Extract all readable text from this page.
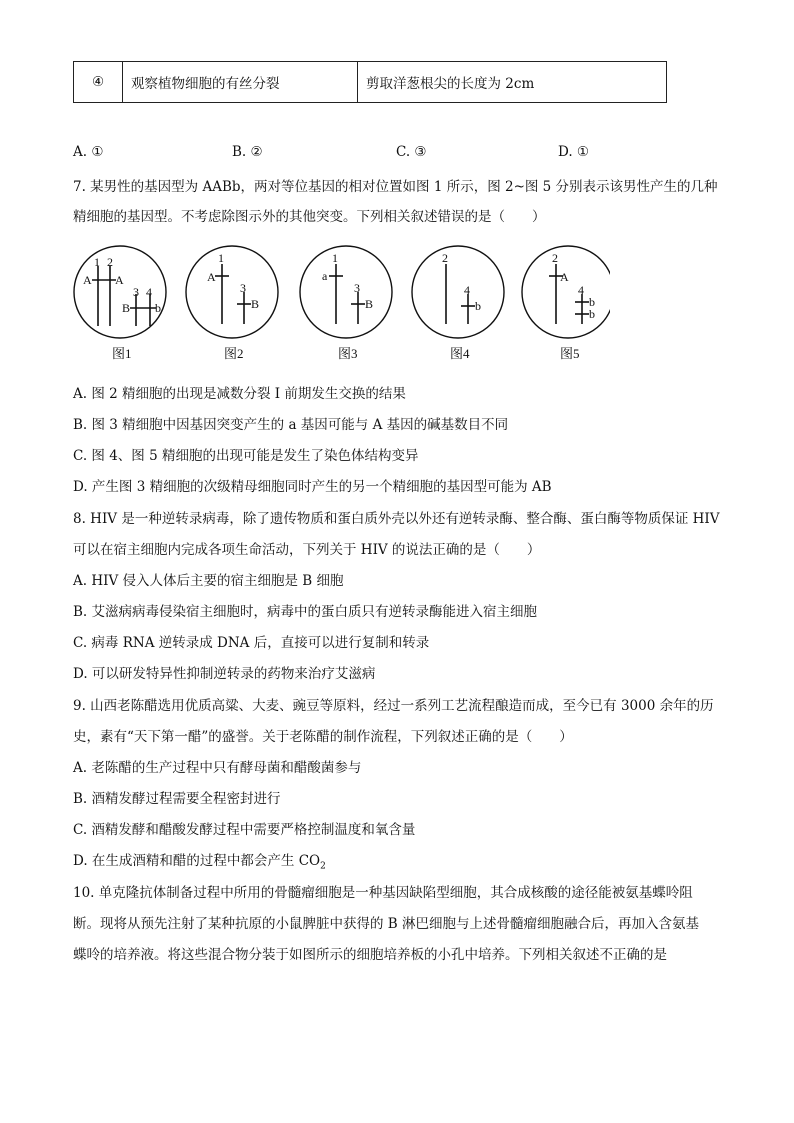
④	观察植物细胞的有丝分裂	剪取洋葱根尖的长度为 2cm
A. ①	B. ②	C. ③	D. ①
7. 某男性的基因型为 AABb，两对等位基因的相对位置如图 1 所示，图 2~图 5 分别表示该男性产生的几种
精细胞的基因型。不考虑除图示外的其他突变。下列相关叙述错误的是（　　）
1 2
A A
3 4
B b
图1
1
A
3
B
图2
1
a
3
B
图3
2
4
b
图4
2
A
4
b
b
图5
A. 图 2 精细胞的出现是减数分裂 I 前期发生交换的结果
B. 图 3 精细胞中因基因突变产生的 a 基因可能与 A 基因的碱基数目不同
C. 图 4、图 5 精细胞的出现可能是发生了染色体结构变异
D. 产生图 3 精细胞的次级精母细胞同时产生的另一个精细胞的基因型可能为 AB
8. HIV 是一种逆转录病毒，除了遗传物质和蛋白质外壳以外还有逆转录酶、整合酶、蛋白酶等物质保证 HIV
可以在宿主细胞内完成各项生命活动，下列关于 HIV 的说法正确的是（　　）
A. HIV 侵入人体后主要的宿主细胞是 B 细胞
B. 艾滋病病毒侵染宿主细胞时，病毒中的蛋白质只有逆转录酶能进入宿主细胞
C. 病毒 RNA 逆转录成 DNA 后，直接可以进行复制和转录
D. 可以研发特异性抑制逆转录的药物来治疗艾滋病
9. 山西老陈醋选用优质高粱、大麦、豌豆等原料，经过一系列工艺流程酿造而成，至今已有 3000 余年的历
史，素有“天下第一醋”的盛誉。关于老陈醋的制作流程，下列叙述正确的是（　　）
A. 老陈醋的生产过程中只有酵母菌和醋酸菌参与
B. 酒精发酵过程需要全程密封进行
C. 酒精发酵和醋酸发酵过程中需要严格控制温度和氧含量
D. 在生成酒精和醋的过程中都会产生 $CO_2$
10. 单克隆抗体制备过程中所用的骨髓瘤细胞是一种基因缺陷型细胞，其合成核酸的途径能被氨基蝶呤阻
断。现将从预先注射了某种抗原的小鼠脾脏中获得的 B 淋巴细胞与上述骨髓瘤细胞融合后，再加入含氨基
蝶呤的培养液。将这些混合物分装于如图所示的细胞培养板的小孔中培养。下列相关叙述不正确的是
